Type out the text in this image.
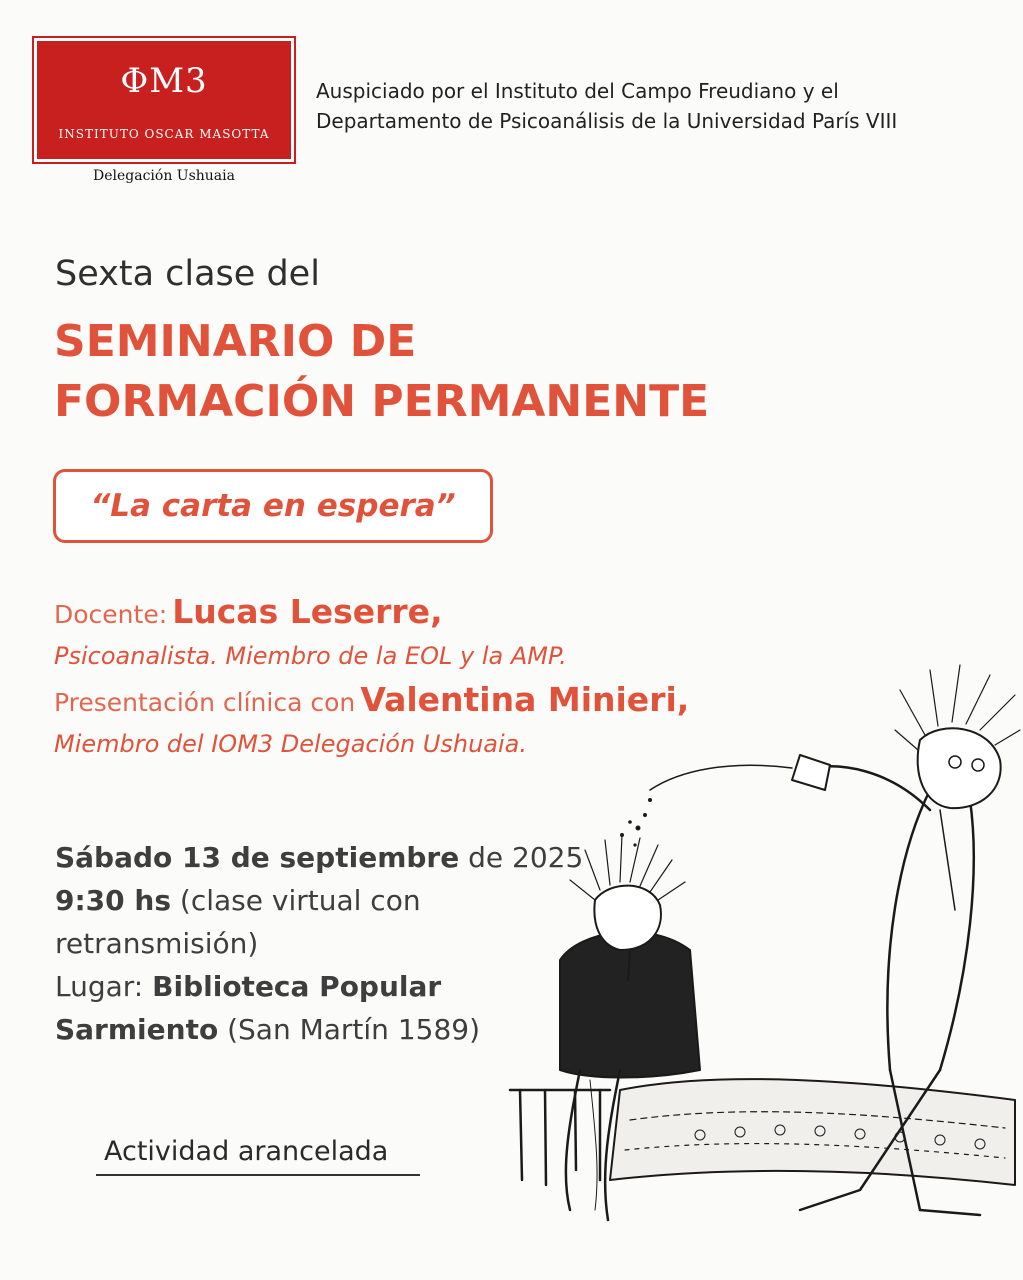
ΦM3
INSTITUTO OSCAR MASOTTA
Delegación Ushuaia
Auspiciado por el Instituto del Campo Freudiano y el
Departamento de Psicoanálisis de la Universidad París VIII
Sexta clase del
SEMINARIO DE
FORMACIÓN PERMANENTE
“La carta en espera”
Docente: Lucas Leserre,
Psicoanalista. Miembro de la EOL y la AMP.
Presentación clínica con Valentina Minieri,
Miembro del IOM3 Delegación Ushuaia.
Sábado 13 de septiembre de 2025
9:30 hs (clase virtual con
retransmisión)
Lugar: Biblioteca Popular
Sarmiento (San Martín 1589)
Actividad arancelada
